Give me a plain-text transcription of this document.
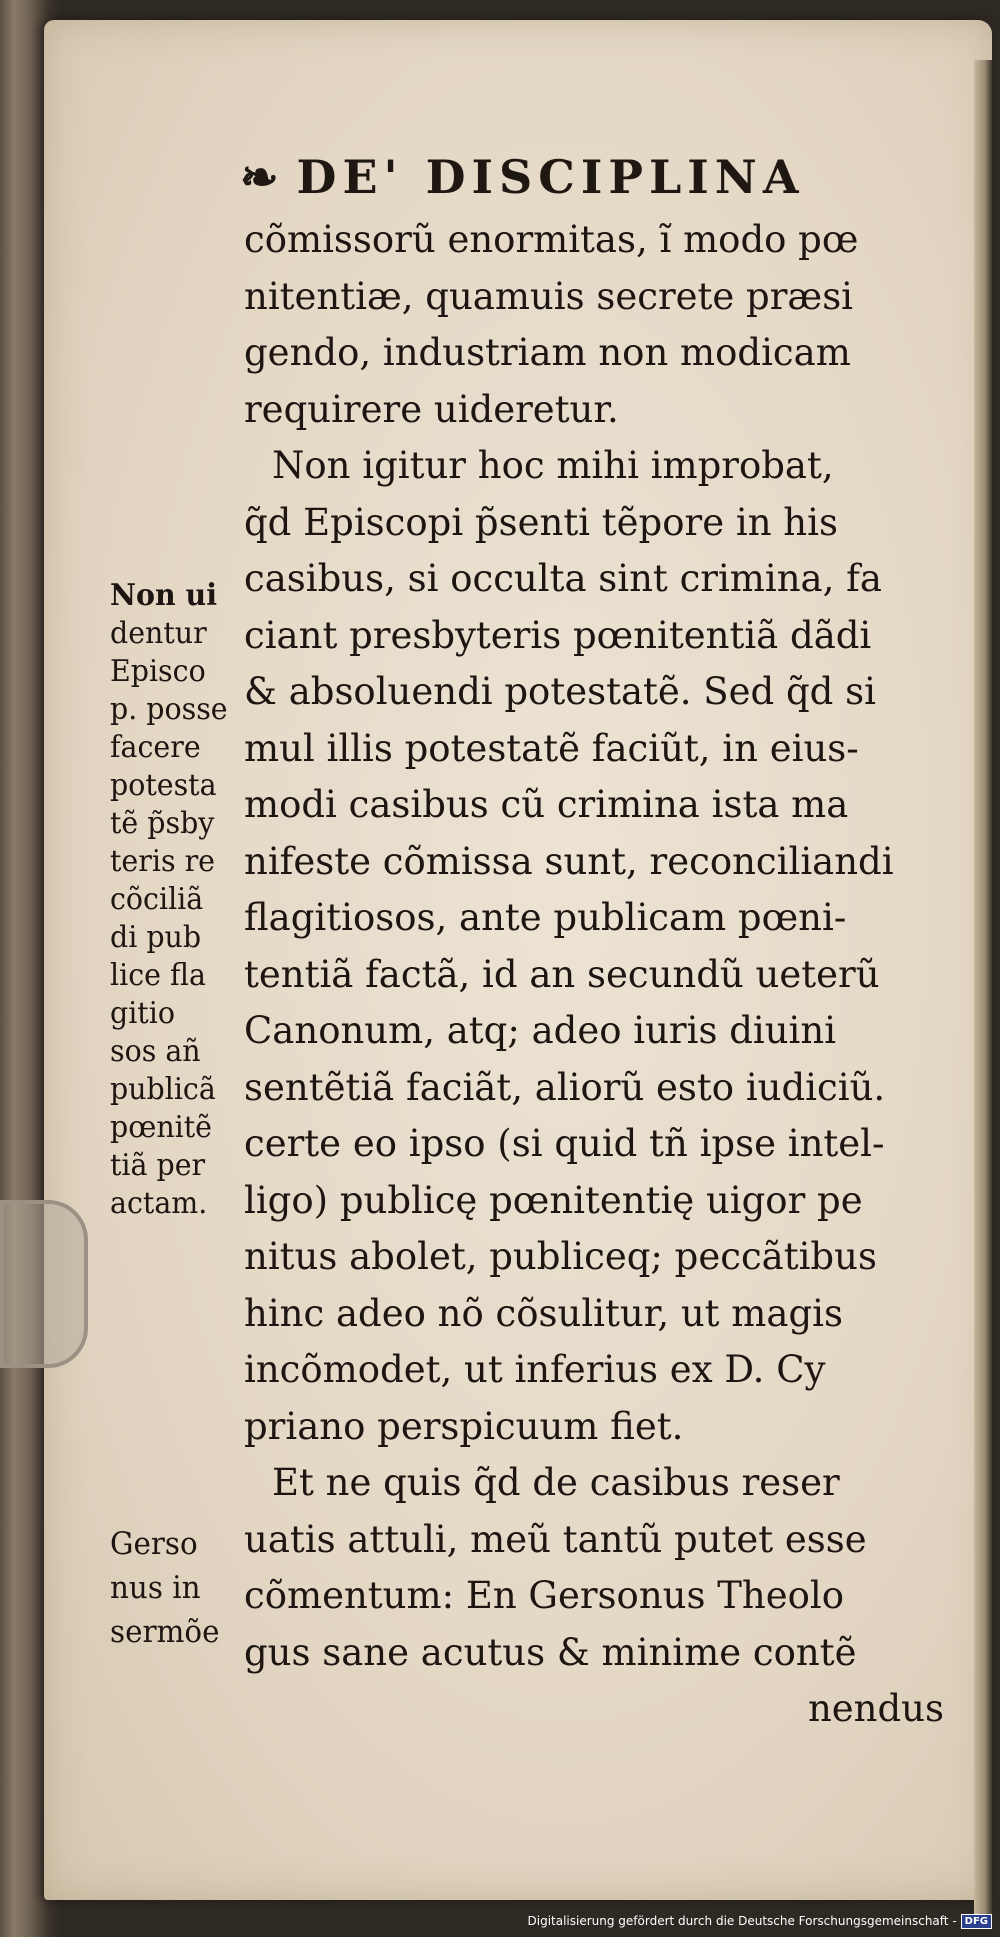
❧ DE' DISCIPLINA
cõmissorũ enormitas, ĩ modo pœ
nitentiæ, quamuis secrete præsi
gendo, industriam non modicam
requirere uideretur.
Non igitur hoc mihi improbat,
q̃d Episcopi p̃senti tẽpore in his
casibus, si occulta sint crimina, fa
ciant presbyteris pœnitentiã dãdi
& absoluendi potestatẽ. Sed q̃d si
mul illis potestatẽ faciũt, in eius-
modi casibus cũ crimina ista ma
nifeste cõmissa sunt, reconciliandi
flagitiosos, ante publicam pœni-
tentiã factã, id an secundũ ueterũ
Canonum, atq; adeo iuris diuini
sentẽtiã faciãt, aliorũ esto iudiciũ.
certe eo ipso (si quid tñ ipse intel-
ligo) publicę pœnitentię uigor pe
nitus abolet, publiceq; peccãtibus
hinc adeo nõ cõsulitur, ut magis
incõmodet, ut inferius ex D. Cy
priano perspicuum fiet.
Et ne quis q̃d de casibus reser
uatis attuli, meũ tantũ putet esse
cõmentum: En Gersonus Theolo
gus sane acutus & minime contẽ
nendus
Non ui
dentur
Episco
p. posse
facere
potesta
tẽ p̃sby
teris re
cõciliã
di pub
lice fla
gitio
sos añ
publicã
pœnitẽ
tiã per
actam.
Gerso
nus in
sermõe
Digitalisierung gefördert durch die Deutsche Forschungsgemeinschaft - DFG
